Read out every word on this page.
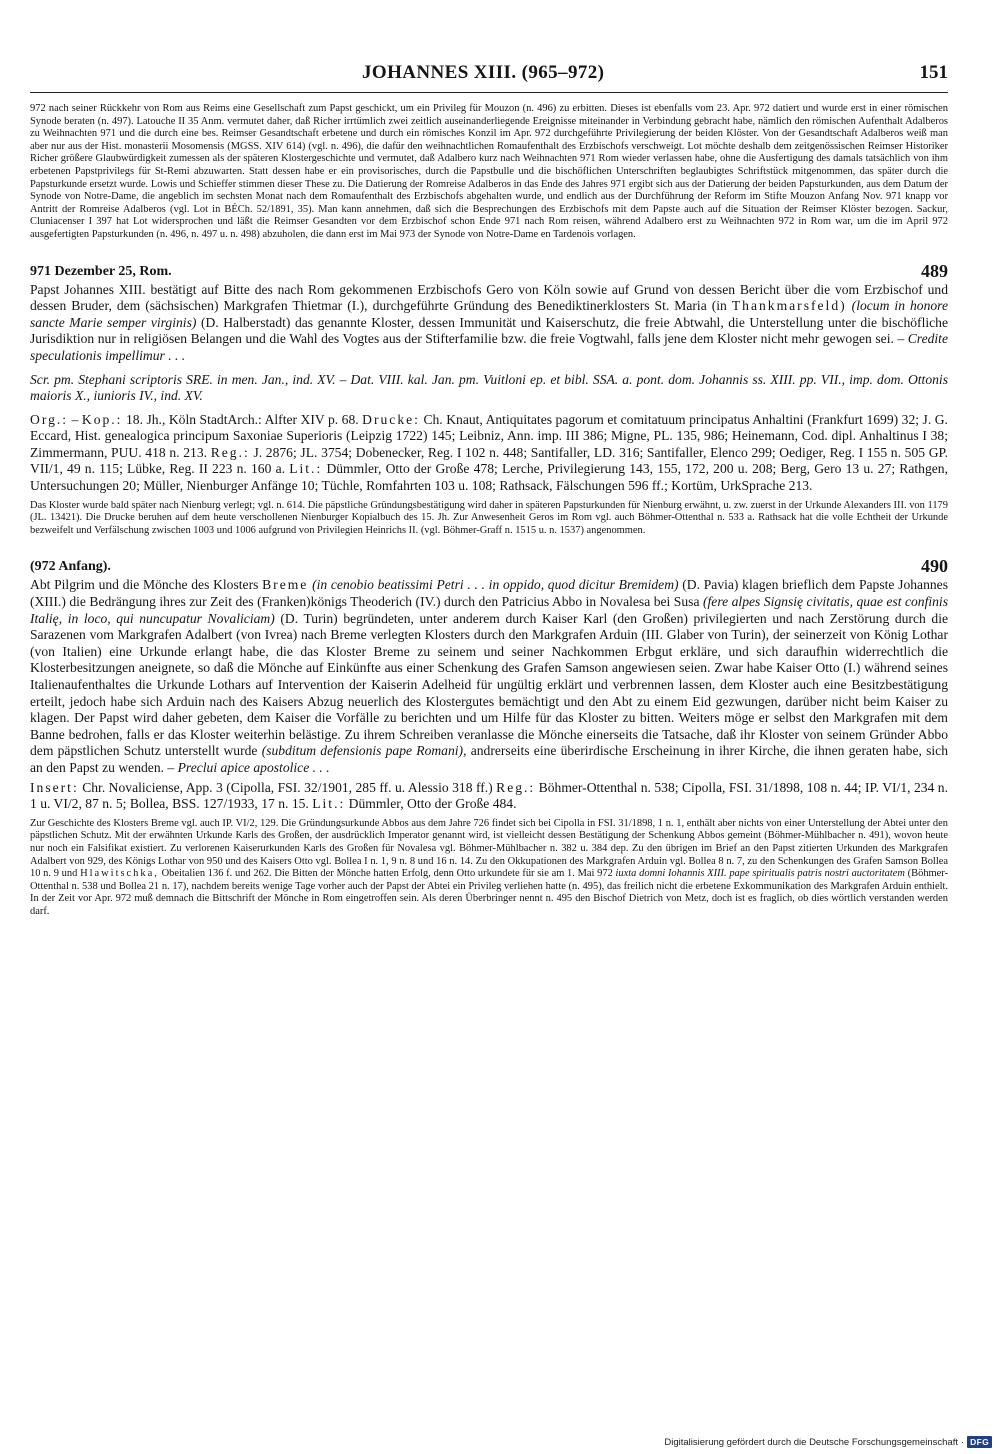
JOHANNES XIII. (965–972)	151

972 nach seiner Rückkehr von Rom aus Reims eine Gesellschaft zum Papst geschickt, um ein Privileg für Mouzon (n. 496) zu erbitten. Dieses ist ebenfalls vom 23. Apr. 972 datiert und wurde erst in einer römischen Synode beraten (n. 497). Latouche II 35 Anm. vermutet daher, daß Richer irrtümlich zwei zeitlich auseinanderliegende Ereignisse miteinander in Verbindung gebracht habe, nämlich den römischen Aufenthalt Adalberos zu Weihnachten 971 und die durch eine bes. Reimser Gesandtschaft erbetene und durch ein römisches Konzil im Apr. 972 durchgeführte Privilegierung der beiden Klöster. Von der Gesandtschaft Adalberos weiß man aber nur aus der Hist. monasterii Mosomensis (MGSS. XIV 614) (vgl. n. 496), die dafür den weihnachtlichen Romaufenthalt des Erzbischofs verschweigt. Lot möchte deshalb dem zeitgenössischen Reimser Historiker Richer größere Glaubwürdigkeit zumessen als der späteren Klostergeschichte und vermutet, daß Adalbero kurz nach Weihnachten 971 Rom wieder verlassen habe, ohne die Ausfertigung des damals tatsächlich von ihm erbetenen Papstprivilegs für St-Remi abzuwarten. Statt dessen habe er ein provisorisches, durch die Papstbulle und die bischöflichen Unterschriften beglaubigtes Schriftstück mitgenommen, das später durch die Papsturkunde ersetzt wurde. Lowis und Schieffer stimmen dieser These zu. Die Datierung der Romreise Adalberos in das Ende des Jahres 971 ergibt sich aus der Datierung der beiden Papsturkunden, aus dem Datum der Synode von Notre-Dame, die angeblich im sechsten Monat nach dem Romaufenthalt des Erzbischofs abgehalten wurde, und endlich aus der Durchführung der Reform im Stifte Mouzon Anfang Nov. 971 knapp vor Antritt der Romreise Adalberos (vgl. Lot in BÉCh. 52/1891, 35). Man kann annehmen, daß sich die Besprechungen des Erzbischofs mit dem Papste auch auf die Situation der Reimser Klöster bezogen. Sackur, Cluniacenser I 397 hat Lot widersprochen und läßt die Reimser Gesandten vor dem Erzbischof schon Ende 971 nach Rom reisen, während Adalbero erst zu Weihnachten 972 in Rom war, um die im April 972 ausgefertigten Papsturkunden (n. 496, n. 497 u. n. 498) abzuholen, die dann erst im Mai 973 der Synode von Notre-Dame en Tardenois vorlagen.

971 Dezember 25, Rom.	489

Papst Johannes XIII. bestätigt auf Bitte des nach Rom gekommenen Erzbischofs Gero von Köln sowie auf Grund von dessen Bericht über die vom Erzbischof und dessen Bruder, dem (sächsischen) Markgrafen Thietmar (I.), durchgeführte Gründung des Benediktinerklosters St. Maria (in Thankmarsfeld) (locum in honore sancte Marie semper virginis) (D. Halberstadt) das genannte Kloster, dessen Immunität und Kaiserschutz, die freie Abtwahl, die Unterstellung unter die bischöfliche Jurisdiktion nur in religiösen Belangen und die Wahl des Vogtes aus der Stifterfamilie bzw. die freie Vogtwahl, falls jene dem Kloster nicht mehr gewogen sei. – Credite speculationis impellimur . . .

Scr. pm. Stephani scriptoris SRE. in men. Jan., ind. XV. – Dat. VIII. kal. Jan. pm. Vuitloni ep. et bibl. SSA. a. pont. dom. Johannis ss. XIII. pp. VII., imp. dom. Ottonis maioris X., iunioris IV., ind. XV.

Org.: – Kop.: 18. Jh., Köln StadtArch.: Alfter XIV p. 68. Drucke: Ch. Knaut, Antiquitates pagorum et comitatuum principatus Anhaltini (Frankfurt 1699) 32; J. G. Eccard, Hist. genealogica principum Saxoniae Superioris (Leipzig 1722) 145; Leibniz, Ann. imp. III 386; Migne, PL. 135, 986; Heinemann, Cod. dipl. Anhaltinus I 38; Zimmermann, PUU. 418 n. 213. Reg.: J. 2876; JL. 3754; Dobenecker, Reg. I 102 n. 448; Santifaller, LD. 316; Santifaller, Elenco 299; Oediger, Reg. I 155 n. 505 GP. VII/1, 49 n. 115; Lübke, Reg. II 223 n. 160 a. Lit.: Dümmler, Otto der Große 478; Lerche, Privilegierung 143, 155, 172, 200 u. 208; Berg, Gero 13 u. 27; Rathgen, Untersuchungen 20; Müller, Nienburger Anfänge 10; Tüchle, Romfahrten 103 u. 108; Rathsack, Fälschungen 596 ff.; Kortüm, UrkSprache 213.

Das Kloster wurde bald später nach Nienburg verlegt; vgl. n. 614. Die päpstliche Gründungsbestätigung wird daher in späteren Papsturkunden für Nienburg erwähnt, u. zw. zuerst in der Urkunde Alexanders III. von 1179 (JL. 13421). Die Drucke beruhen auf dem heute verschollenen Nienburger Kopialbuch des 15. Jh. Zur Anwesenheit Geros im Rom vgl. auch Böhmer-Ottenthal n. 533 a. Rathsack hat die volle Echtheit der Urkunde bezweifelt und Verfälschung zwischen 1003 und 1006 aufgrund von Privilegien Heinrichs II. (vgl. Böhmer-Graff n. 1515 u. n. 1537) angenommen.

(972 Anfang).	490

Abt Pilgrim und die Mönche des Klosters Breme (in cenobio beatissimi Petri . . . in oppido, quod dicitur Bremidem) (D. Pavia) klagen brieflich dem Papste Johannes (XIII.) die Bedrängung ihres zur Zeit des (Franken)königs Theoderich (IV.) durch den Patricius Abbo in Novalesa bei Susa (fere alpes Signsię civitatis, quae est confinis Italię, in loco, qui nuncupatur Novaliciam) (D. Turin) begründeten, unter anderem durch Kaiser Karl (den Großen) privilegierten und nach Zerstörung durch die Sarazenen vom Markgrafen Adalbert (von Ivrea) nach Breme verlegten Klosters durch den Markgrafen Arduin (III. Glaber von Turin), der seinerzeit von König Lothar (von Italien) eine Urkunde erlangt habe, die das Kloster Breme zu seinem und seiner Nachkommen Erbgut erkläre, und sich daraufhin widerrechtlich die Klosterbesitzungen aneignete, so daß die Mönche auf Einkünfte aus einer Schenkung des Grafen Samson angewiesen seien. Zwar habe Kaiser Otto (I.) während seines Italienaufenthaltes die Urkunde Lothars auf Intervention der Kaiserin Adelheid für ungültig erklärt und verbrennen lassen, dem Kloster auch eine Besitzbestätigung erteilt, jedoch habe sich Arduin nach des Kaisers Abzug neuerlich des Klostergutes bemächtigt und den Abt zu einem Eid gezwungen, darüber nicht beim Kaiser zu klagen. Der Papst wird daher gebeten, dem Kaiser die Vorfälle zu berichten und um Hilfe für das Kloster zu bitten. Weiters möge er selbst den Markgrafen mit dem Banne bedrohen, falls er das Kloster weiterhin belästige. Zu ihrem Schreiben veranlasse die Mönche einerseits die Tatsache, daß ihr Kloster von seinem Gründer Abbo dem päpstlichen Schutz unterstellt wurde (subditum defensionis pape Romani), andrerseits eine überirdische Erscheinung in ihrer Kirche, die ihnen geraten habe, sich an den Papst zu wenden. – Preclui apice apostolice . . .

Insert: Chr. Novaliciense, App. 3 (Cipolla, FSI. 32/1901, 285 ff. u. Alessio 318 ff.) Reg.: Böhmer-Ottenthal n. 538; Cipolla, FSI. 31/1898, 108 n. 44; IP. VI/1, 234 n. 1 u. VI/2, 87 n. 5; Bollea, BSS. 127/1933, 17 n. 15. Lit.: Dümmler, Otto der Große 484.

Zur Geschichte des Klosters Breme vgl. auch IP. VI/2, 129. Die Gründungsurkunde Abbos aus dem Jahre 726 findet sich bei Cipolla in FSI. 31/1898, 1 n. 1, enthält aber nichts von einer Unterstellung der Abtei unter den päpstlichen Schutz. Mit der erwähnten Urkunde Karls des Großen, der ausdrücklich Imperator genannt wird, ist vielleicht dessen Bestätigung der Schenkung Abbos gemeint (Böhmer-Mühlbacher n. 491), wovon heute nur noch ein Falsifikat existiert. Zu verlorenen Kaiserurkunden Karls des Großen für Novalesa vgl. Böhmer-Mühlbacher n. 382 u. 384 dep. Zu den übrigen im Brief an den Papst zitierten Urkunden des Markgrafen Adalbert von 929, des Königs Lothar von 950 und des Kaisers Otto vgl. Bollea I n. 1, 9 n. 8 und 16 n. 14. Zu den Okkupationen des Markgrafen Arduin vgl. Bollea 8 n. 7, zu den Schenkungen des Grafen Samson Bollea 10 n. 9 und Hlawitschka, Obeitalien 136 f. und 262. Die Bitten der Mönche hatten Erfolg, denn Otto urkundete für sie am 1. Mai 972 iuxta domni Iohannis XIII. pape spiritualis patris nostri auctoritatem (Böhmer-Ottenthal n. 538 und Bollea 21 n. 17), nachdem bereits wenige Tage vorher auch der Papst der Abtei ein Privileg verliehen hatte (n. 495), das freilich nicht die erbetene Exkommunikation des Markgrafen Arduin enthielt. In der Zeit vor Apr. 972 muß demnach die Bittschrift der Mönche in Rom eingetroffen sein. Als deren Überbringer nennt n. 495 den Bischof Dietrich von Metz, doch ist es fraglich, ob dies wörtlich verstanden werden darf.

Digitalisierung gefördert durch die Deutsche Forschungsgemeinschaft · DFG
